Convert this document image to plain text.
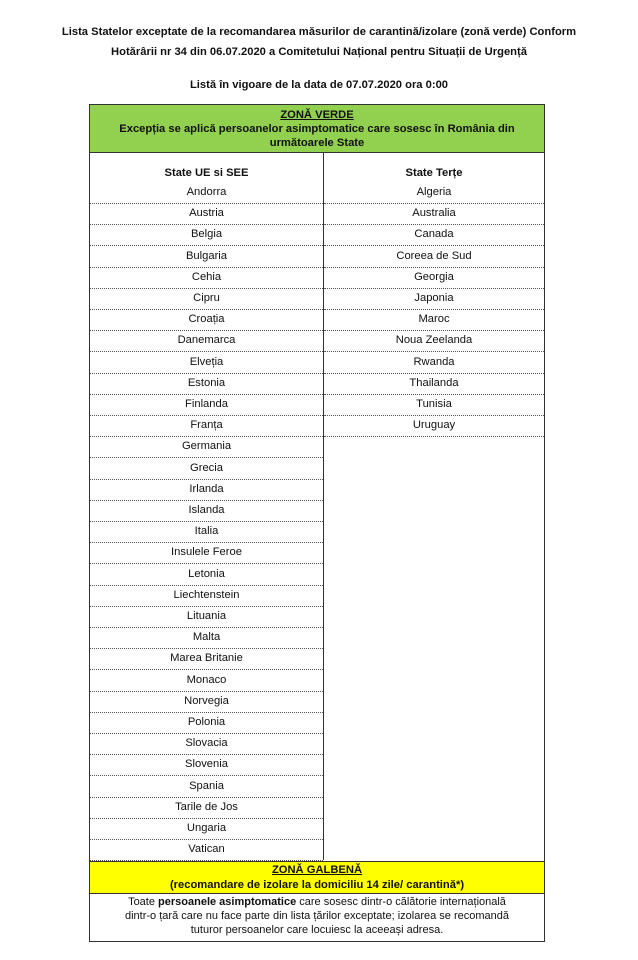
Lista Statelor exceptate de la recomandarea măsurilor de carantină/izolare (zonă verde) Conform
Hotărârii nr 34 din 06.07.2020 a Comitetului Național pentru Situații de Urgență
Listă în vigoare de la data de 07.07.2020 ora 0:00
ZONĂ VERDE
Excepția se aplică persoanelor asimptomatice care sosesc în România din
următoarele State
State UE si SEE	State Terțe
Andorra
Austria
Belgia
Bulgaria
Cehia
Cipru
Croația
Danemarca
Elveția
Estonia
Finlanda
Franța
Germania
Grecia
Irlanda
Islanda
Italia
Insulele Feroe
Letonia
Liechtenstein
Lituania
Malta
Marea Britanie
Monaco
Norvegia
Polonia
Slovacia
Slovenia
Spania
Tarile de Jos
Ungaria
Vatican
Algeria
Australia
Canada
Coreea de Sud
Georgia
Japonia
Maroc
Noua Zeelanda
Rwanda
Thailanda
Tunisia
Uruguay
ZONĂ GALBENĂ
(recomandare de izolare la domiciliu 14 zile/ carantină*)
Toate persoanele asimptomatice care sosesc dintr-o călătorie internațională
dintr-o țară care nu face parte din lista țărilor exceptate; izolarea se recomandă
tuturor persoanelor care locuiesc la aceeași adresa.
